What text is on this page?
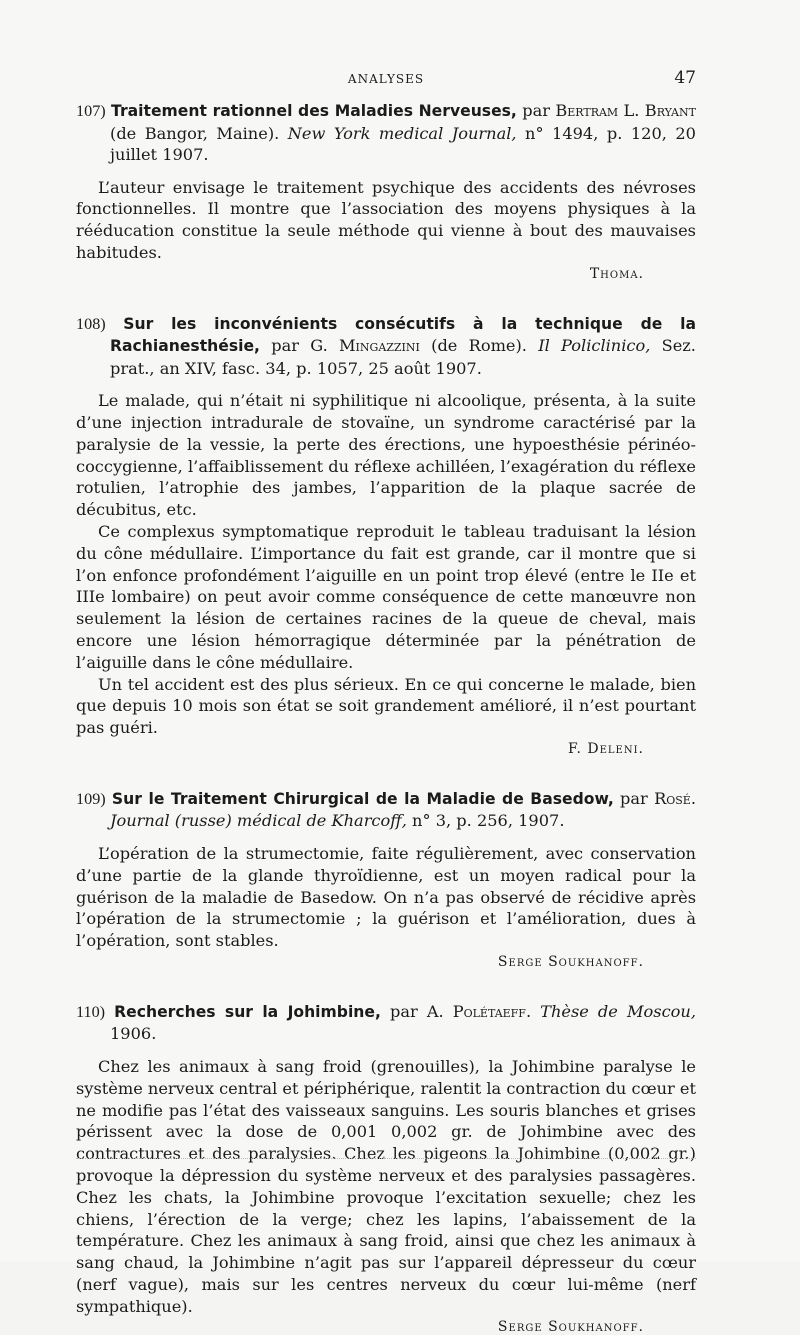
ANALYSES	47

107) Traitement rationnel des Maladies Nerveuses, par Bertram L. Bryant (de Bangor, Maine). New York medical Journal, n° 1494, p. 120, 20 juillet 1907.

L’auteur envisage le traitement psychique des accidents des névroses fonctionnelles. Il montre que l’association des moyens physiques à la rééducation constitue la seule méthode qui vienne à bout des mauvaises habitudes.

Thoma.

108) Sur les inconvénients consécutifs à la technique de la Rachianesthésie, par G. Mingazzini (de Rome). Il Policlinico, Sez. prat., an XIV, fasc. 34, p. 1057, 25 août 1907.

Le malade, qui n’était ni syphilitique ni alcoolique, présenta, à la suite d’une injection intradurale de stovaïne, un syndrome caractérisé par la paralysie de la vessie, la perte des érections, une hypoesthésie périnéo-coccygienne, l’affaiblissement du réflexe achilléen, l’exagération du réflexe rotulien, l’atrophie des jambes, l’apparition de la plaque sacrée de décubitus, etc.

Ce complexus symptomatique reproduit le tableau traduisant la lésion du cône médullaire. L’importance du fait est grande, car il montre que si l’on enfonce profondément l’aiguille en un point trop élevé (entre le IIe et IIIe lombaire) on peut avoir comme conséquence de cette manœuvre non seulement la lésion de certaines racines de la queue de cheval, mais encore une lésion hémorragique déterminée par la pénétration de l’aiguille dans le cône médullaire.

Un tel accident est des plus sérieux. En ce qui concerne le malade, bien que depuis 10 mois son état se soit grandement amélioré, il n’est pourtant pas guéri.

F. Deleni.

109) Sur le Traitement Chirurgical de la Maladie de Basedow, par Rosé. Journal (russe) médical de Kharcoff, n° 3, p. 256, 1907.

L’opération de la strumectomie, faite régulièrement, avec conservation d’une partie de la glande thyroïdienne, est un moyen radical pour la guérison de la maladie de Basedow. On n’a pas observé de récidive après l’opération de la strumectomie ; la guérison et l’amélioration, dues à l’opération, sont stables.

Serge Soukhanoff.

110) Recherches sur la Johimbine, par A. Polétaeff. Thèse de Moscou, 1906.

Chez les animaux à sang froid (grenouilles), la Johimbine paralyse le système nerveux central et périphérique, ralentit la contraction du cœur et ne modifie pas l’état des vaisseaux sanguins. Les souris blanches et grises périssent avec la dose de 0,001 0,002 gr. de Johimbine avec des contractures et des paralysies. Chez les pigeons la Johimbine (0,002 gr.) provoque la dépression du système nerveux et des paralysies passagères. Chez les chats, la Johimbine provoque l’excitation sexuelle; chez les chiens, l’érection de la verge; chez les lapins, l’abaissement de la température. Chez les animaux à sang froid, ainsi que chez les animaux à sang chaud, la Johimbine n’agit pas sur l’appareil dépresseur du cœur (nerf vague), mais sur les centres nerveux du cœur lui-même (nerf sympathique).

Serge Soukhanoff.
